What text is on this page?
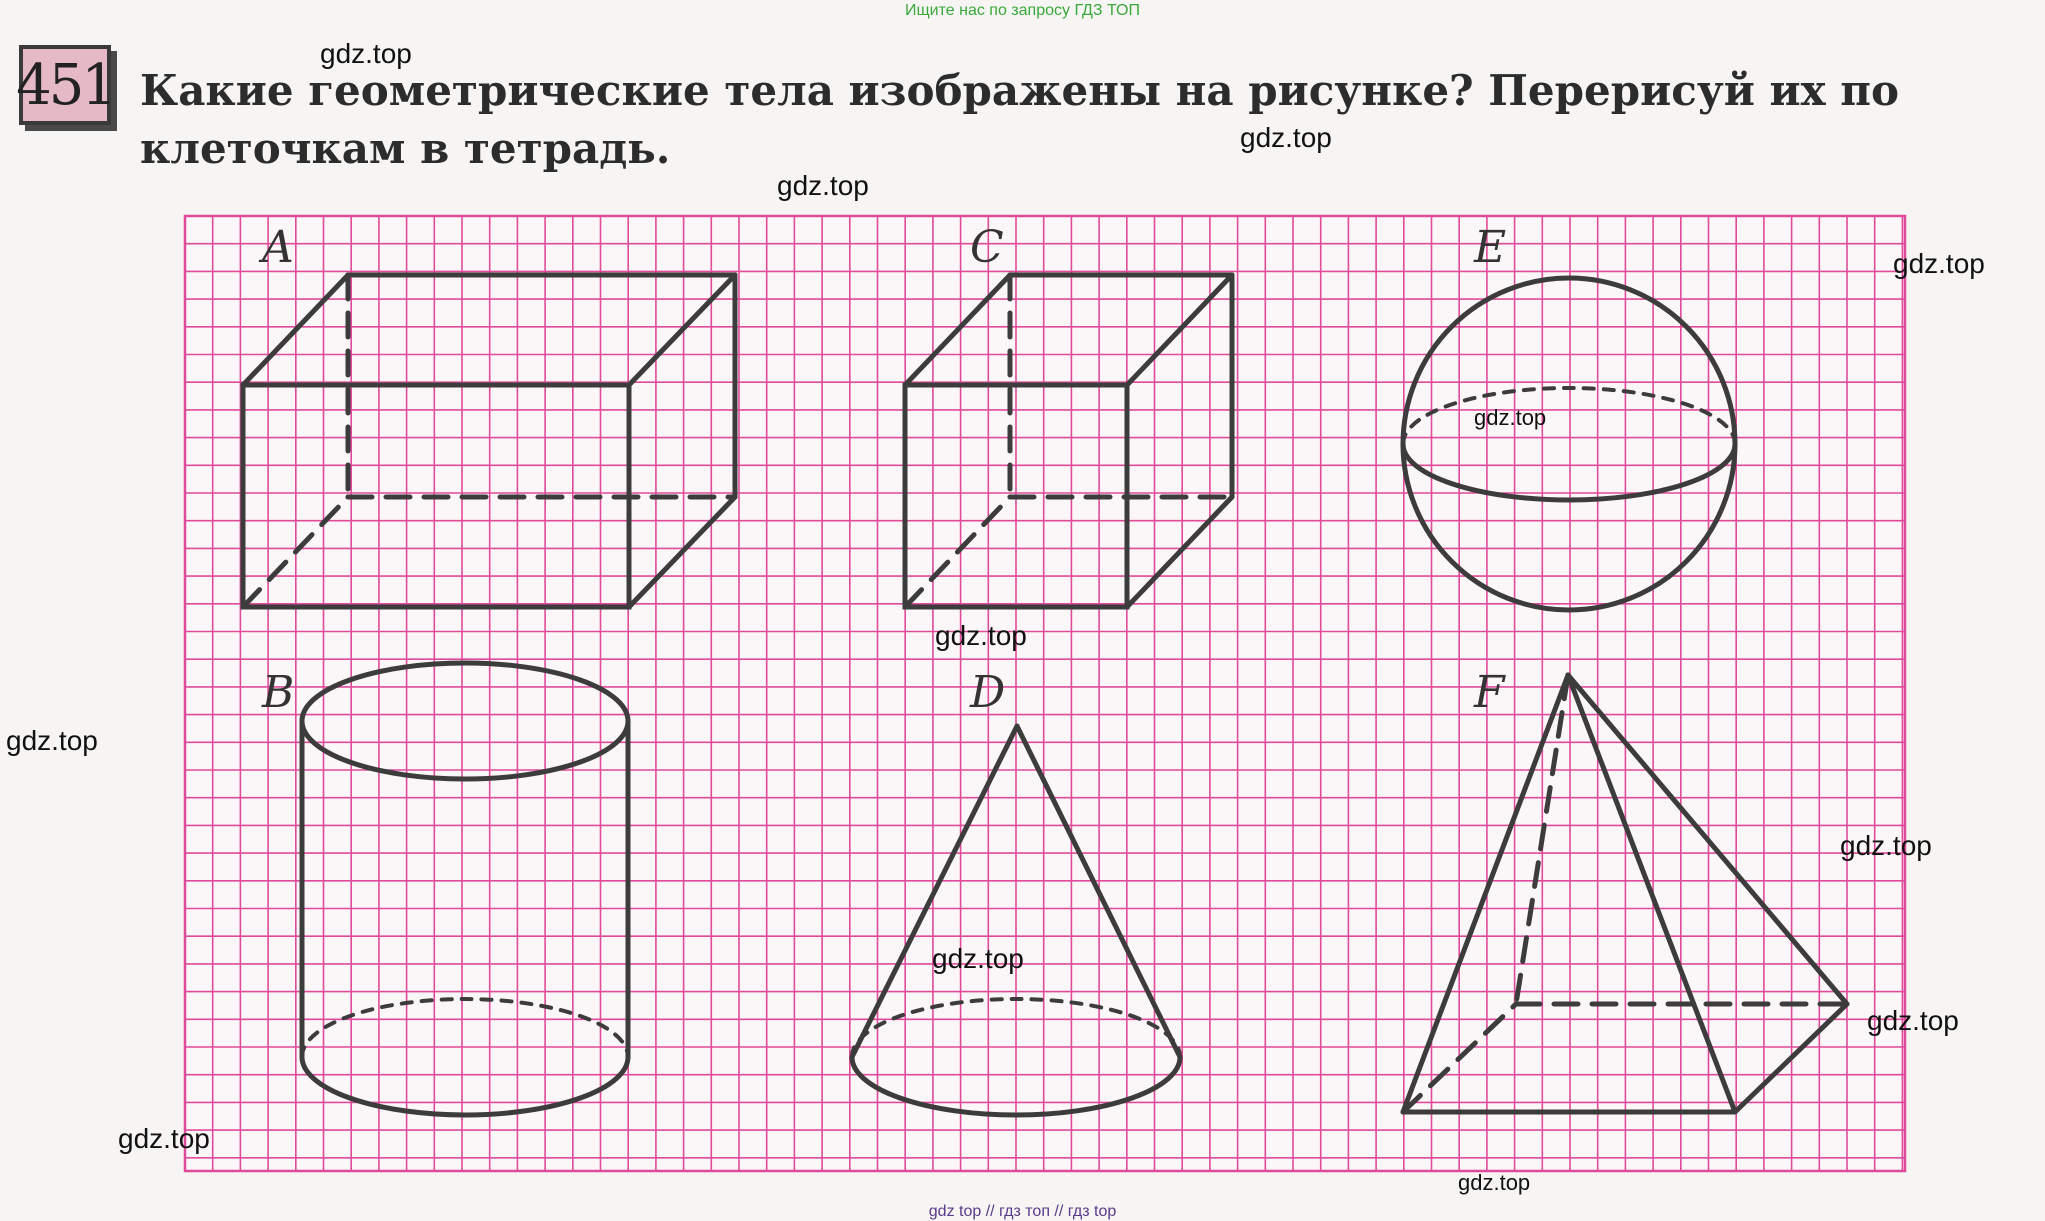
Ищите нас по запросу ГДЗ ТОП
451 Какие геометрические тела изображены на рисунке? Перерисуй их по клеточкам в тетрадь.
A	C	E
B	D	F
gdz.top
gdz.top
gdz.top
gdz.top
gdz.top
gdz.top
gdz.top
gdz.top
gdz.top
gdz.top
gdz.top
gdz.top
gdz top // гдз топ // гдз top
